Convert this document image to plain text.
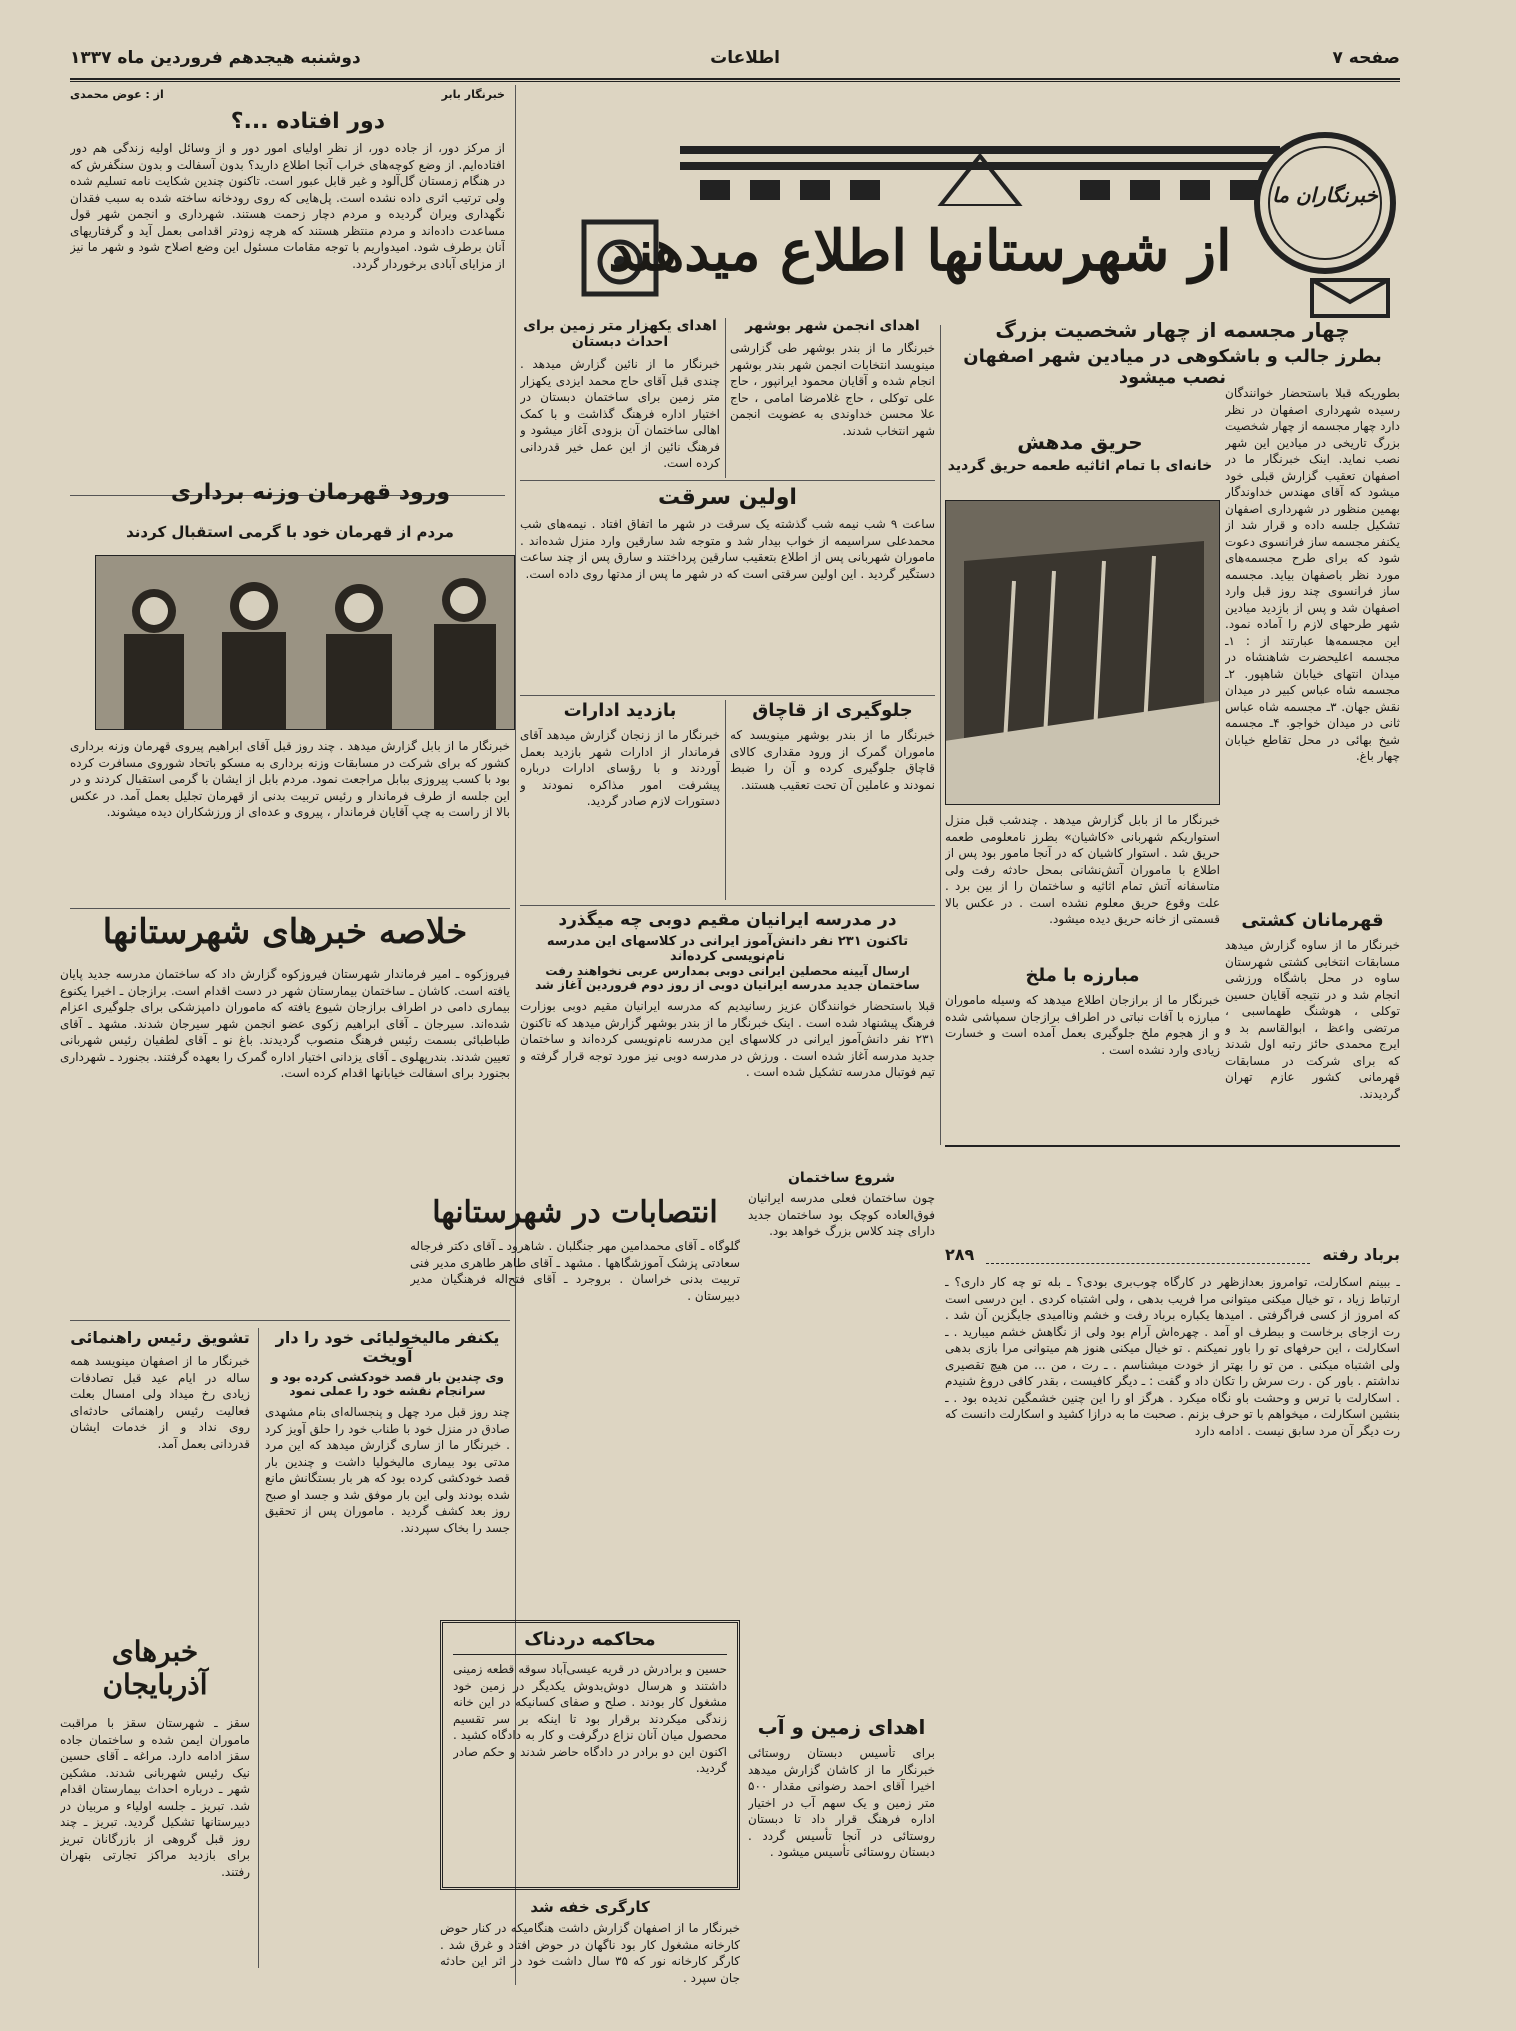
صفحه ۷
اطلاعات
دوشنبه هیجدهم فروردین ماه ۱۳۳۷
خبرنگاران ما
از شهرستانها اطلاع میدهند
خبرنگار بابر
از : عوض محمدی
دور افتاده ...؟
از مرکز دور، از جاده دور، از نظر اولیای امور دور و از وسائل اولیه زندگی هم دور افتاده‌ایم. از وضع کوچه‌های خراب آنجا اطلاع دارید؟ بدون آسفالت و بدون سنگفرش که در هنگام زمستان گل‌آلود و غیر قابل عبور است. تاکنون چندین شکایت نامه تسلیم شده ولی ترتیب اثری داده نشده است. پل‌هایی که روی رودخانه ساخته شده به سبب فقدان نگهداری ویران گردیده و مردم دچار زحمت هستند. شهرداری و انجمن شهر قول مساعدت داده‌اند و مردم منتظر هستند که هرچه زودتر اقدامی بعمل آید و گرفتاریهای آنان برطرف شود. امیدواریم با توجه مقامات مسئول این وضع اصلاح شود و شهر ما نیز از مزایای آبادی برخوردار گردد.
ورود قهرمان وزنه برداری
مردم از قهرمان خود با گرمی استقبال کردند
خبرنگار ما از بابل گزارش میدهد . چند روز قبل آقای ابراهیم پیروی قهرمان وزنه برداری کشور که برای شرکت در مسابقات وزنه برداری به مسکو باتحاد شوروی مسافرت کرده بود با کسب پیروزی ببابل مراجعت نمود. مردم بابل از ایشان با گرمی استقبال کردند و در این جلسه از طرف فرماندار و رئیس تربیت بدنی از قهرمان تجلیل بعمل آمد. در عکس بالا از راست به چپ آقایان فرماندار ، پیروی و عده‌ای از ورزشکاران دیده میشوند.
خلاصه خبرهای شهرستانها
فیروزکوه ـ امیر فرماندار شهرستان فیروزکوه گزارش داد که ساختمان مدرسه جدید پایان یافته است. کاشان ـ ساختمان بیمارستان شهر در دست اقدام است. برازجان ـ اخیرا یکنوع بیماری دامی در اطراف برازجان شیوع یافته که ماموران دامپزشکی برای جلوگیری اعزام شده‌اند. سیرجان ـ آقای ابراهیم زکوی عضو انجمن شهر سیرجان شدند. مشهد ـ آقای طباطبائی بسمت رئیس فرهنگ منصوب گردیدند. باغ نو ـ آقای لطفیان رئیس شهربانی تعیین شدند. بندرپهلوی ـ آقای یزدانی اختیار اداره گمرک را بعهده گرفتند. بجنورد ـ شهرداری بجنورد برای اسفالت خیابانها اقدام کرده است.
تشویق رئیس راهنمائی
خبرنگار ما از اصفهان مینویسد همه ساله در ایام عید قبل تصادفات زیادی رخ میداد ولی امسال بعلت فعالیت رئیس راهنمائی حادثه‌ای روی نداد و از خدمات ایشان قدردانی بعمل آمد.
یکنفر مالیخولیائی خود را دار آویخت
وی چندین بار قصد خودکشی کرده بود و سرانجام نقشه خود را عملی نمود
چند روز قبل مرد چهل و پنجساله‌ای بنام مشهدی صادق در منزل خود با طناب خود را حلق آویز کرد . خبرنگار ما از ساری گزارش میدهد که این مرد مدتی بود بیماری مالیخولیا داشت و چندین بار قصد خودکشی کرده بود که هر بار بستگانش مانع شده بودند ولی این بار موفق شد و جسد او صبح روز بعد کشف گردید . ماموران پس از تحقیق جسد را بخاک سپردند.
خبرهای آذربایجان
سقز ـ شهرستان سقز با مراقبت ماموران ایمن شده و ساختمان جاده سقز ادامه دارد. مراغه ـ آقای حسین نیک رئیس شهربانی شدند. مشکین شهر ـ درباره احداث بیمارستان اقدام شد. تبریز ـ جلسه اولیاء و مربیان در دبیرستانها تشکیل گردید. تبریز ـ چند روز قبل گروهی از بازرگانان تبریز برای بازدید مراکز تجارتی بتهران رفتند.
محاکمه دردناک
حسین و برادرش در قریه عیسی‌آباد سوقه قطعه زمینی داشتند و هرسال دوش‌بدوش یکدیگر در زمین خود مشغول کار بودند . صلح و صفای کسانیکه در این خانه زندگی میکردند برقرار بود تا اینکه بر سر تقسیم محصول میان آنان نزاع درگرفت و کار به دادگاه کشید . اکنون این دو برادر در دادگاه حاضر شدند و حکم صادر گردید.
کارگری خفه شد
خبرنگار ما از اصفهان گزارش داشت هنگامیکه در کنار حوض کارخانه مشغول کار بود ناگهان در حوض افتاد و غرق شد . کارگر کارخانه نور که ۳۵ سال داشت خود در اثر این حادثه جان سپرد .
اهدای یکهزار متر زمین برای احداث دبستان
خبرنگار ما از نائین گزارش میدهد . چندی قبل آقای حاج محمد ایزدی یکهزار متر زمین برای ساختمان دبستان در اختیار اداره فرهنگ گذاشت و با کمک اهالی ساختمان آن بزودی آغاز میشود و فرهنگ نائین از این عمل خیر قدردانی کرده است.
اهدای انجمن شهر بوشهر
خبرنگار ما از بندر بوشهر طی گزارشی مینویسد انتخابات انجمن شهر بندر بوشهر انجام شده و آقایان محمود ایرانپور ، حاج علی توکلی ، حاج غلامرضا امامی ، حاج علا محسن خداوندی به عضویت انجمن شهر انتخاب شدند.
اولین سرقت
ساعت ۹ شب نیمه شب گذشته یک سرقت در شهر ما اتفاق افتاد . نیمه‌های شب محمدعلی سراسیمه از خواب بیدار شد و متوجه شد سارقین وارد منزل شده‌اند . ماموران شهربانی پس از اطلاع بتعقیب سارقین پرداختند و سارق پس از چند ساعت دستگیر گردید . این اولین سرقتی است که در شهر ما پس از مدتها روی داده است.
بازدید ادارات
خبرنگار ما از زنجان گزارش میدهد آقای فرماندار از ادارات شهر بازدید بعمل آوردند و با رؤسای ادارات درباره پیشرفت امور مذاکره نمودند و دستورات لازم صادر گردید.
جلوگیری از قاچاق
خبرنگار ما از بندر بوشهر مینویسد که ماموران گمرک از ورود مقداری کالای قاچاق جلوگیری کرده و آن را ضبط نمودند و عاملین آن تحت تعقیب هستند.
در مدرسه ایرانیان مقیم دوبی چه میگذرد
تاکنون ۲۳۱ نفر دانش‌آموز ایرانی در کلاسهای این مدرسه نام‌نویسی کرده‌اند
ارسال آیینه محصلین ایرانی دوبی بمدارس عربی نخواهند رفت
ساختمان جدید مدرسه ایرانیان دوبی از روز دوم فروردین آغاز شد
قبلا باستحضار خوانندگان عزیز رسانیدیم که مدرسه ایرانیان مقیم دوبی بوزارت فرهنگ پیشنهاد شده است . اینک خبرنگار ما از بندر بوشهر گزارش میدهد که تاکنون ۲۳۱ نفر دانش‌آموز ایرانی در کلاسهای این مدرسه نام‌نویسی کرده‌اند و ساختمان جدید مدرسه آغاز شده است . ورزش در مدرسه دوبی نیز مورد توجه قرار گرفته و تیم فوتبال مدرسه تشکیل شده است .
انتصابات در شهرستانها
گلوگاه ـ آقای محمدامین مهر جنگلبان . شاهرود ـ آقای دکتر فرجاله سعادتی پزشک آموزشگاهها . مشهد ـ آقای طاهر طاهری مدیر فنی تربیت بدنی خراسان . بروجرد ـ آقای فتح‌اله فرهنگیان مدیر دبیرستان .
شروع ساختمان
چون ساختمان فعلی مدرسه ایرانیان فوق‌العاده کوچک بود ساختمان جدید دارای چند کلاس بزرگ خواهد بود.
اهدای زمین و آب
برای تأسیس دبستان روستائی خبرنگار ما از کاشان گزارش میدهد اخیرا آقای احمد رضوانی مقدار ۵۰۰ متر زمین و یک سهم آب در اختیار اداره فرهنگ قرار داد تا دبستان روستائی در آنجا تأسیس گردد . دبستان روستائی تأسیس میشود .
چهار مجسمه از چهار شخصیت بزرگ
بطرز جالب و باشکوهی در میادین شهر اصفهان نصب میشود
بطوریکه قبلا باستحضار خوانندگان رسیده شهرداری اصفهان در نظر دارد چهار مجسمه از چهار شخصیت بزرگ تاریخی در میادین این شهر نصب نماید. اینک خبرنگار ما در اصفهان تعقیب گزارش قبلی خود میشود که آقای مهندس خداوندگار بهمین منظور در شهرداری اصفهان تشکیل جلسه داده و قرار شد از یکنفر مجسمه ساز فرانسوی دعوت شود که برای طرح مجسمه‌های مورد نظر باصفهان بیاید. مجسمه ساز فرانسوی چند روز قبل وارد اصفهان شد و پس از بازدید میادین شهر طرحهای لازم را آماده نمود. این مجسمه‌ها عبارتند از : ۱ـ مجسمه اعلیحضرت شاهنشاه در میدان انتهای خیابان شاهپور. ۲ـ مجسمه شاه عباس کبیر در میدان نقش جهان. ۳ـ مجسمه شاه عباس ثانی در میدان خواجو. ۴ـ مجسمه شیخ بهائی در محل تقاطع خیابان چهار باغ.
حریق مدهش
خانه‌ای با تمام اثاثیه طعمه حریق گردید
خبرنگار ما از بابل گزارش میدهد . چندشب قبل منزل استواریکم شهربانی «کاشیان» بطرز نامعلومی طعمه حریق شد . استوار کاشیان که در آنجا مامور بود پس از اطلاع با ماموران آتش‌نشانی بمحل حادثه رفت ولی متاسفانه آتش تمام اثاثیه و ساختمان را از بین برد . علت وقوع حریق معلوم نشده است . در عکس بالا قسمتی از خانه حریق دیده میشود.	قهرمانان کشتی
خبرنگار ما از ساوه گزارش میدهد مسابقات انتخابی کشتی شهرستان ساوه در محل باشگاه ورزشی انجام شد و در نتیجه آقایان حسین توکلی ، هوشنگ طهماسبی ، مرتضی واعظ ، ابوالقاسم بد و ایرج محمدی حائز رتبه اول شدند که برای شرکت در مسابقات قهرمانی کشور عازم تهران گردیدند.
مبارزه با ملخ
خبرنگار ما از برازجان اطلاع میدهد که وسیله ماموران مبارزه با آفات نباتی در اطراف برازجان سمپاشی شده و از هجوم ملخ جلوگیری بعمل آمده است و خسارت زیادی وارد نشده است .
برباد رفته
۲۸۹
ـ ببینم اسکارلت، توامروز بعدازظهر در کارگاه چوب‌بری بودی؟ ـ بله تو چه کار داری؟ ـ ارتباط زیاد ، تو خیال میکنی میتوانی مرا فریب بدهی ، ولی اشتباه کردی . این درسی است که امروز از کسی فراگرفتی . امیدها یکباره برباد رفت و خشم وناامیدی جایگزین آن شد . رت ازجای برخاست و ببطرف او آمد . چهره‌اش آرام بود ولی از نگاهش خشم میبارید . ـ اسکارلت ، این حرفهای تو را باور نمیکنم . تو خیال میکنی هنوز هم میتوانی مرا بازی بدهی ولی اشتباه میکنی . من تو را بهتر از خودت میشناسم . ـ رت ، من ... من هیچ تقصیری نداشتم . باور کن . رت سرش را تکان داد و گفت : ـ دیگر کافیست ، بقدر کافی دروغ شنیدم . اسکارلت با ترس و وحشت باو نگاه میکرد . هرگز او را این چنین خشمگین ندیده بود . ـ بنشین اسکارلت ، میخواهم با تو حرف بزنم . صحبت ما به درازا کشید و اسکارلت دانست که رت دیگر آن مرد سابق نیست . ادامه دارد
